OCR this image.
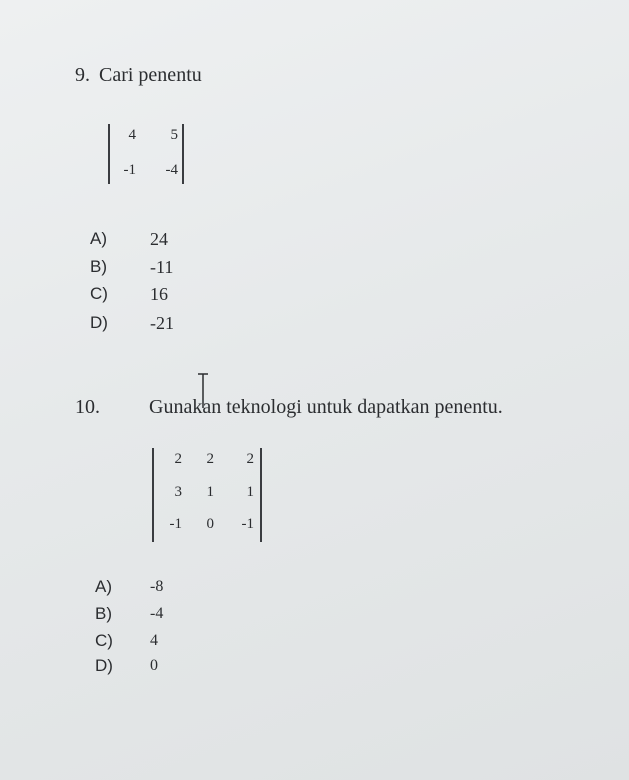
9. Cari penentu
4	5
-1	-4
A) 24
B) -11
C) 16
D) -21
10. Gunakan teknologi untuk dapatkan penentu.
2	2	2
3	1	1
-1	0	-1
A) -8
B) -4
C) 4
D) 0
